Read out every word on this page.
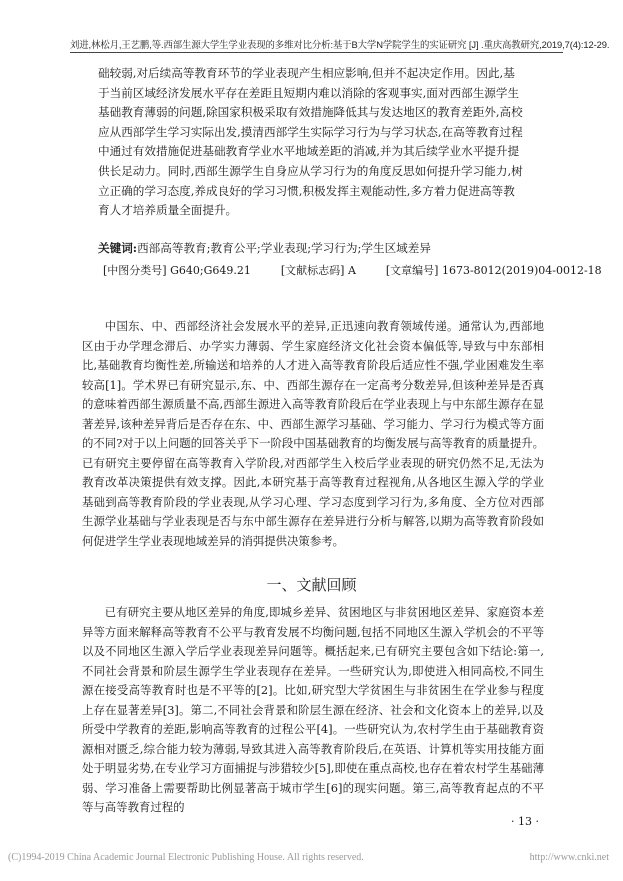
刘进,林松月,王艺鹏,等.西部生源大学生学业表现的多维对比分析:基于B大学N学院学生的实证研究 [J] .重庆高教研究,2019,7(4):12-29.

础较弱,对后续高等教育环节的学业表现产生相应影响,但并不起决定作用。因此,基于当前区域经济发展水平存在差距且短期内难以消除的客观事实,面对西部生源学生基础教育薄弱的问题,除国家积极采取有效措施降低其与发达地区的教育差距外,高校应从西部学生学习实际出发,摸清西部学生实际学习行为与学习状态,在高等教育过程中通过有效措施促进基础教育学业水平地域差距的消减,并为其后续学业水平提升提供长足动力。同时,西部生源学生自身应从学习行为的角度反思如何提升学习能力,树立正确的学习态度,养成良好的学习习惯,积极发挥主观能动性,多方着力促进高等教育人才培养质量全面提升。

关键词:西部高等教育;教育公平;学业表现;学习行为;学生区域差异
[中图分类号] G640;G649.21	[文献标志码] A	[文章编号] 1673-8012(2019)04-0012-18

中国东、中、西部经济社会发展水平的差异,正迅速向教育领域传递。通常认为,西部地区由于办学理念滞后、办学实力薄弱、学生家庭经济文化社会资本偏低等,导致与中东部相比,基础教育均衡性差,所输送和培养的人才进入高等教育阶段后适应性不强,学业困难发生率较高[1]。学术界已有研究显示,东、中、西部生源存在一定高考分数差异,但该种差异是否真的意味着西部生源质量不高,西部生源进入高等教育阶段后在学业表现上与中东部生源存在显著差异,该种差异背后是否存在东、中、西部生源学习基础、学习能力、学习行为模式等方面的不同?对于以上问题的回答关乎下一阶段中国基础教育的均衡发展与高等教育的质量提升。已有研究主要停留在高等教育入学阶段,对西部学生入校后学业表现的研究仍然不足,无法为教育改革决策提供有效支撑。因此,本研究基于高等教育过程视角,从各地区生源入学的学业基础到高等教育阶段的学业表现,从学习心理、学习态度到学习行为,多角度、全方位对西部生源学业基础与学业表现是否与东中部生源存在差异进行分析与解答,以期为高等教育阶段如何促进学生学业表现地域差异的消弭提供决策参考。

一、文献回顾

已有研究主要从地区差异的角度,即城乡差异、贫困地区与非贫困地区差异、家庭资本差异等方面来解释高等教育不公平与教育发展不均衡问题,包括不同地区生源入学机会的不平等以及不同地区生源入学后学业表现差异问题等。概括起来,已有研究主要包含如下结论:第一,不同社会背景和阶层生源学生学业表现存在差异。一些研究认为,即使进入相同高校,不同生源在接受高等教育时也是不平等的[2]。比如,研究型大学贫困生与非贫困生在学业参与程度上存在显著差异[3]。第二,不同社会背景和阶层生源在经济、社会和文化资本上的差异,以及所受中学教育的差距,影响高等教育的过程公平[4]。一些研究认为,农村学生由于基础教育资源相对匮乏,综合能力较为薄弱,导致其进入高等教育阶段后,在英语、计算机等实用技能方面处于明显劣势,在专业学习方面捕捉与涉猎较少[5],即使在重点高校,也存在着农村学生基础薄弱、学习准备上需要帮助比例显著高于城市学生[6]的现实问题。第三,高等教育起点的不平等与高等教育过程的

· 13 ·
(C)1994-2019 China Academic Journal Electronic Publishing House. All rights reserved.	http://www.cnki.net
